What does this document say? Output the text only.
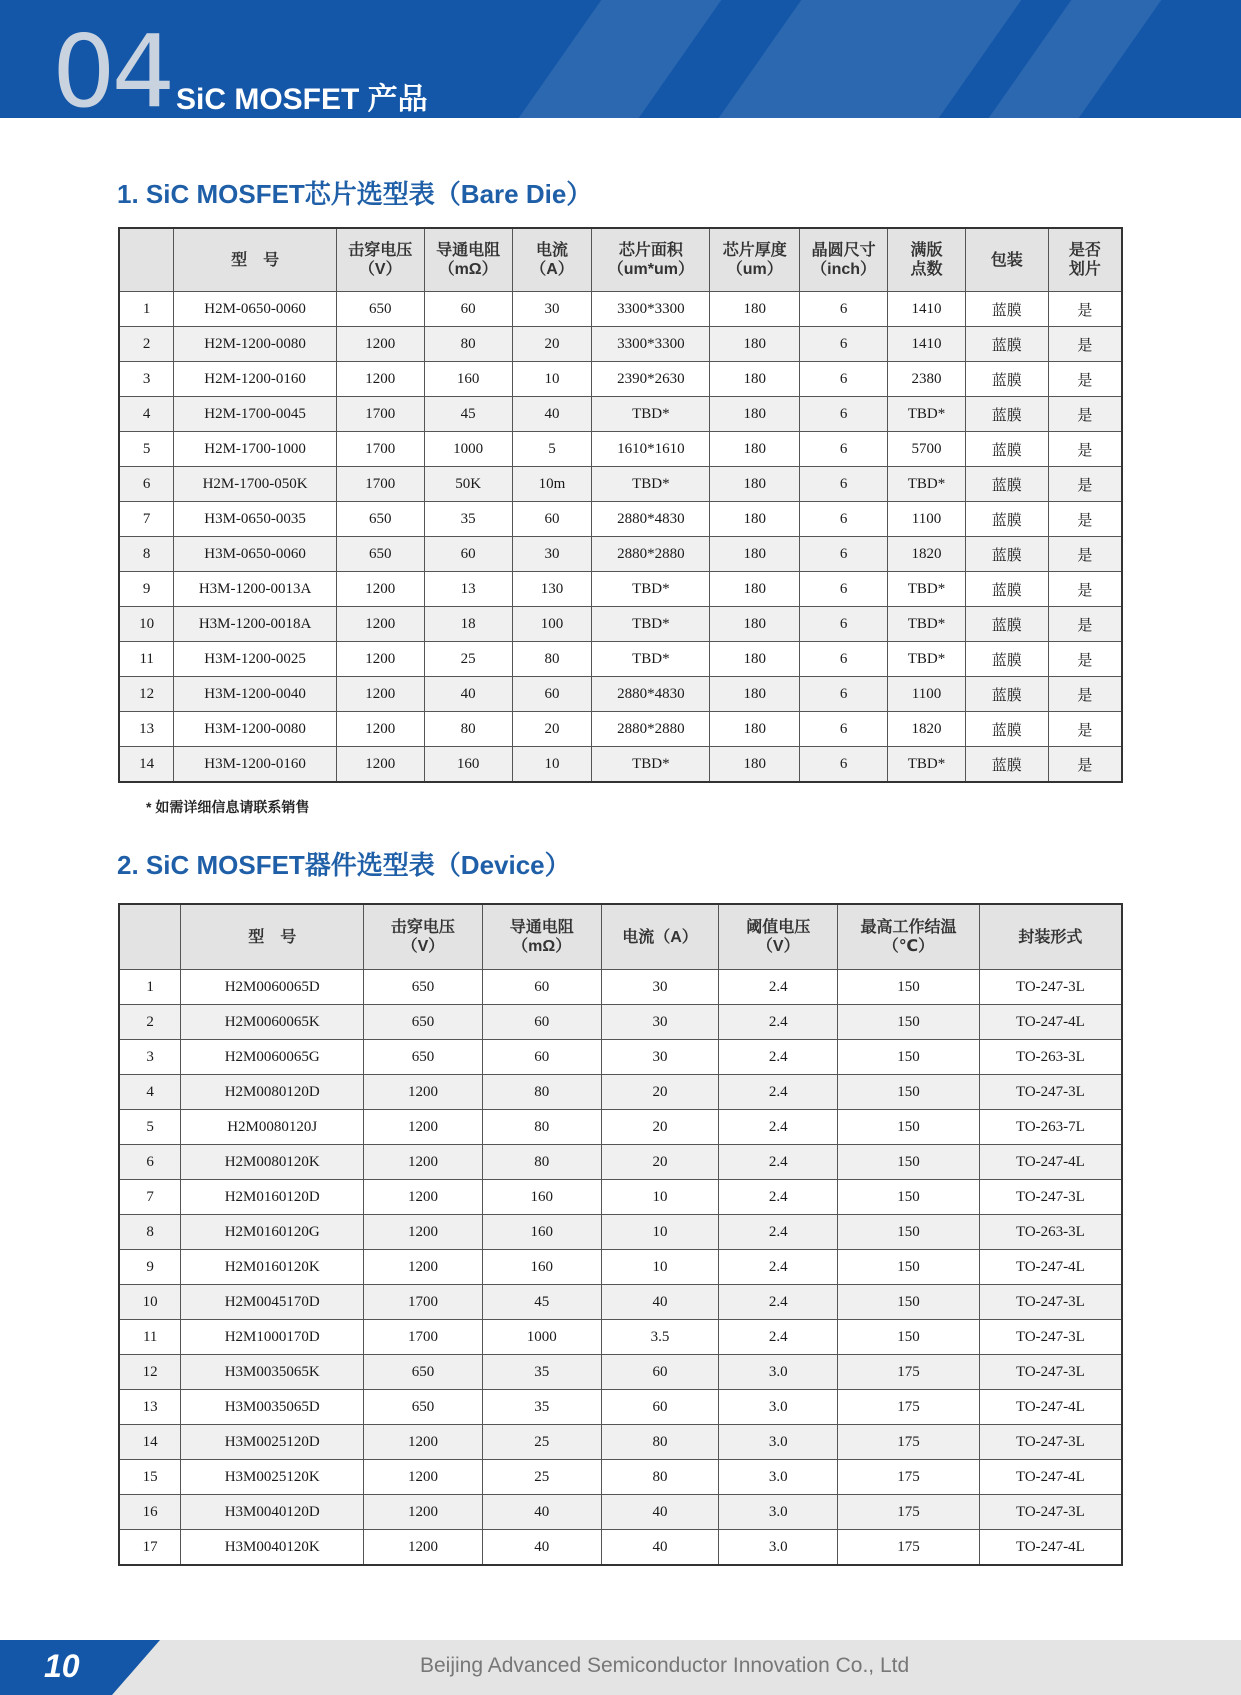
04 SiC MOSFET 产品
1. SiC MOSFET芯片选型表（Bare Die）
	型　号	击穿电压
（V）	导通电阻
（mΩ）	电流
（A）	芯片面积
（um*um）	芯片厚度
（um）	晶圆尺寸
（inch）	满版
点数	包装	是否
划片
1	H2M-0650-0060	650	60	30	3300*3300	180	6	1410	蓝膜	是
2	H2M-1200-0080	1200	80	20	3300*3300	180	6	1410	蓝膜	是
3	H2M-1200-0160	1200	160	10	2390*2630	180	6	2380	蓝膜	是
4	H2M-1700-0045	1700	45	40	TBD*	180	6	TBD*	蓝膜	是
5	H2M-1700-1000	1700	1000	5	1610*1610	180	6	5700	蓝膜	是
6	H2M-1700-050K	1700	50K	10m	TBD*	180	6	TBD*	蓝膜	是
7	H3M-0650-0035	650	35	60	2880*4830	180	6	1100	蓝膜	是
8	H3M-0650-0060	650	60	30	2880*2880	180	6	1820	蓝膜	是
9	H3M-1200-0013A	1200	13	130	TBD*	180	6	TBD*	蓝膜	是
10	H3M-1200-0018A	1200	18	100	TBD*	180	6	TBD*	蓝膜	是
11	H3M-1200-0025	1200	25	80	TBD*	180	6	TBD*	蓝膜	是
12	H3M-1200-0040	1200	40	60	2880*4830	180	6	1100	蓝膜	是
13	H3M-1200-0080	1200	80	20	2880*2880	180	6	1820	蓝膜	是
14	H3M-1200-0160	1200	160	10	TBD*	180	6	TBD*	蓝膜	是
* 如需详细信息请联系销售
2. SiC MOSFET器件选型表（Device）
	型　号	击穿电压
（V）	导通电阻
（mΩ）	电流（A）	阈值电压
（V）	最高工作结温
（℃）	封装形式
1	H2M0060065D	650	60	30	2.4	150	TO-247-3L
2	H2M0060065K	650	60	30	2.4	150	TO-247-4L
3	H2M0060065G	650	60	30	2.4	150	TO-263-3L
4	H2M0080120D	1200	80	20	2.4	150	TO-247-3L
5	H2M0080120J	1200	80	20	2.4	150	TO-263-7L
6	H2M0080120K	1200	80	20	2.4	150	TO-247-4L
7	H2M0160120D	1200	160	10	2.4	150	TO-247-3L
8	H2M0160120G	1200	160	10	2.4	150	TO-263-3L
9	H2M0160120K	1200	160	10	2.4	150	TO-247-4L
10	H2M0045170D	1700	45	40	2.4	150	TO-247-3L
11	H2M1000170D	1700	1000	3.5	2.4	150	TO-247-3L
12	H3M0035065K	650	35	60	3.0	175	TO-247-3L
13	H3M0035065D	650	35	60	3.0	175	TO-247-4L
14	H3M0025120D	1200	25	80	3.0	175	TO-247-3L
15	H3M0025120K	1200	25	80	3.0	175	TO-247-4L
16	H3M0040120D	1200	40	40	3.0	175	TO-247-3L
17	H3M0040120K	1200	40	40	3.0	175	TO-247-4L
10	Beijing Advanced Semiconductor Innovation Co., Ltd
